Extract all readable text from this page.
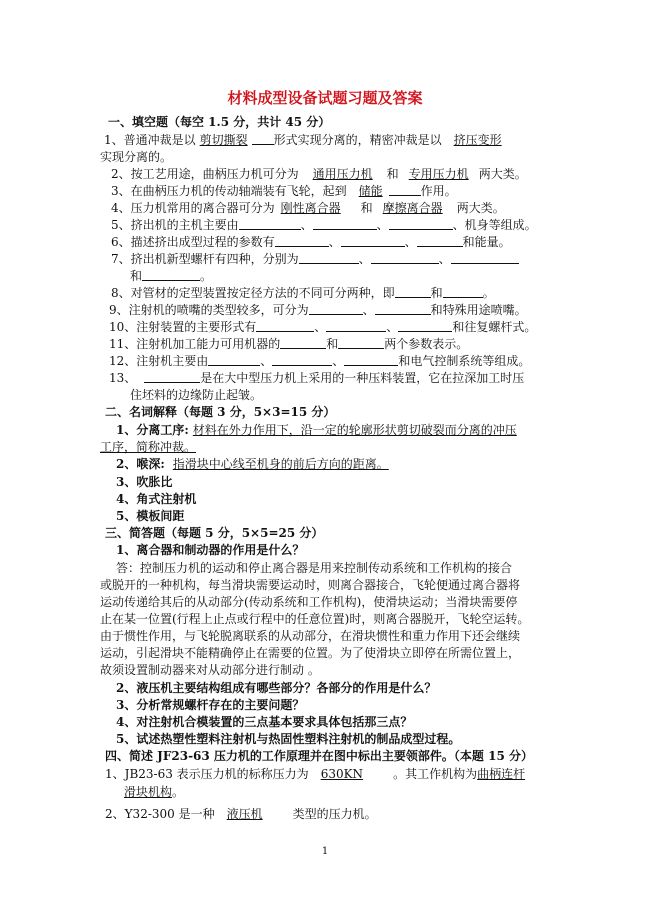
材料成型设备试题习题及答案
一、填空题（每空 1.5 分，共计 45 分）
1、普通冲裁是以 剪切撕裂 形式实现分离的，精密冲裁是以 挤压变形
实现分离的。
2、按工艺用途，曲柄压力机可分为 通用压力机 和 专用压力机 两大类。
3、在曲柄压力机的传动轴端装有飞轮，起到 储能	作用。
4、压力机常用的离合器可分为 刚性离合器 和 摩擦离合器 两大类。
5、挤出机的主机主要由	、	、	、机身等组成。
6、描述挤出成型过程的参数有	、	、	和能量。
7、挤出机新型螺杆有四种，分别为	、	、
和	。
8、对管材的定型装置按定径方法的不同可分两种，即	和	。
9、注射机的喷嘴的类型较多，可分为	、	和特殊用途喷嘴。
10、注射装置的主要形式有	、	、	和往复螺杆式。
11、注射机加工能力可用机器的	和	两个参数表示。
12、注射机主要由	、	、	和电气控制系统等组成。
13、	是在大中型压力机上采用的一种压料装置，它在拉深加工时压
住坯料的边缘防止起皱。
二、名词解释（每题 3 分，5×3=15 分）
1、分离工序: 材料在外力作用下，沿一定的轮廓形状剪切破裂而分离的冲压
工序，简称冲裁。
2、喉深: 指滑块中心线至机身的前后方向的距离。
3、吹胀比
4、角式注射机
5、模板间距
三、简答题（每题 5 分，5×5=25 分）
1、离合器和制动器的作用是什么？
答：控制压力机的运动和停止离合器是用来控制传动系统和工作机构的接合
或脱开的一种机构，每当滑块需要运动时，则离合器接合，飞轮便通过离合器将
运动传递给其后的从动部分(传动系统和工作机构)，使滑块运动；当滑块需要停
止在某一位置(行程上止点或行程中的任意位置)时，则离合器脱开，飞轮空运转。
由于惯性作用，与飞轮脱离联系的从动部分，在滑块惯性和重力作用下还会继续
运动，引起滑块不能精确停止在需要的位置。为了使滑块立即停在所需位置上，
故须设置制动器来对从动部分进行制动 。
2、液压机主要结构组成有哪些部分？各部分的作用是什么？
3、分析常规螺杆存在的主要问题？
4、对注射机合模装置的三点基本要求具体包括那三点？
5、试述热塑性塑料注射机与热固性塑料注射机的制品成型过程。
四、简述 JF23-63 压力机的工作原理并在图中标出主要领部件。（本题 15 分）
1、JB23-63 表示压力机的标称压力为 630KN	。其工作机构为曲柄连杆
滑块机构。
2、Y32-300 是一种 液压机	类型的压力机。
1
